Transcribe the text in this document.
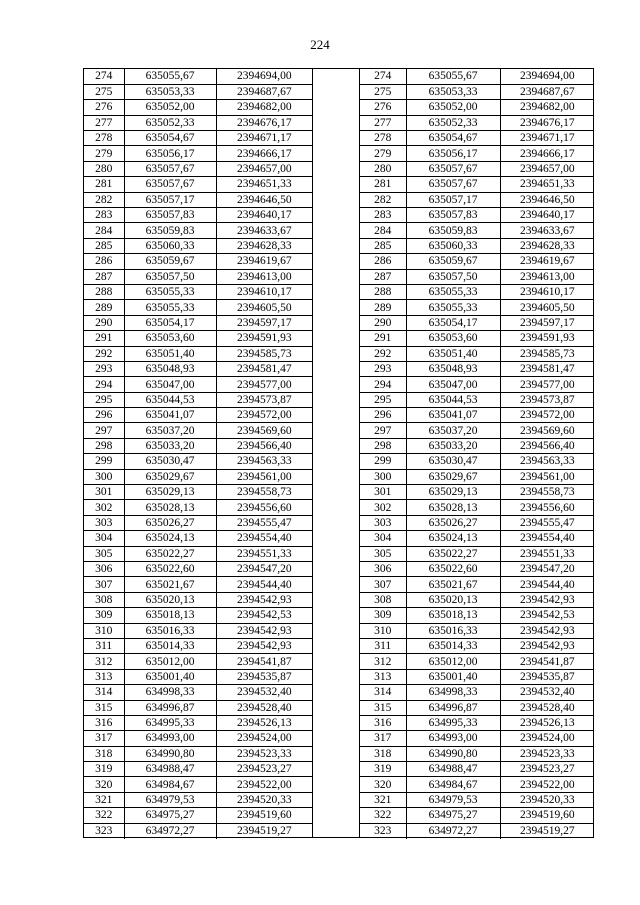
224
274	635055,67	2394694,00
275	635053,33	2394687,67
276	635052,00	2394682,00
277	635052,33	2394676,17
278	635054,67	2394671,17
279	635056,17	2394666,17
280	635057,67	2394657,00
281	635057,67	2394651,33
282	635057,17	2394646,50
283	635057,83	2394640,17
284	635059,83	2394633,67
285	635060,33	2394628,33
286	635059,67	2394619,67
287	635057,50	2394613,00
288	635055,33	2394610,17
289	635055,33	2394605,50
290	635054,17	2394597,17
291	635053,60	2394591,93
292	635051,40	2394585,73
293	635048,93	2394581,47
294	635047,00	2394577,00
295	635044,53	2394573,87
296	635041,07	2394572,00
297	635037,20	2394569,60
298	635033,20	2394566,40
299	635030,47	2394563,33
300	635029,67	2394561,00
301	635029,13	2394558,73
302	635028,13	2394556,60
303	635026,27	2394555,47
304	635024,13	2394554,40
305	635022,27	2394551,33
306	635022,60	2394547,20
307	635021,67	2394544,40
308	635020,13	2394542,93
309	635018,13	2394542,53
310	635016,33	2394542,93
311	635014,33	2394542,93
312	635012,00	2394541,87
313	635001,40	2394535,87
314	634998,33	2394532,40
315	634996,87	2394528,40
316	634995,33	2394526,13
317	634993,00	2394524,00
318	634990,80	2394523,33
319	634988,47	2394523,27
320	634984,67	2394522,00
321	634979,53	2394520,33
322	634975,27	2394519,60
323	634972,27	2394519,27
274	635055,67	2394694,00
275	635053,33	2394687,67
276	635052,00	2394682,00
277	635052,33	2394676,17
278	635054,67	2394671,17
279	635056,17	2394666,17
280	635057,67	2394657,00
281	635057,67	2394651,33
282	635057,17	2394646,50
283	635057,83	2394640,17
284	635059,83	2394633,67
285	635060,33	2394628,33
286	635059,67	2394619,67
287	635057,50	2394613,00
288	635055,33	2394610,17
289	635055,33	2394605,50
290	635054,17	2394597,17
291	635053,60	2394591,93
292	635051,40	2394585,73
293	635048,93	2394581,47
294	635047,00	2394577,00
295	635044,53	2394573,87
296	635041,07	2394572,00
297	635037,20	2394569,60
298	635033,20	2394566,40
299	635030,47	2394563,33
300	635029,67	2394561,00
301	635029,13	2394558,73
302	635028,13	2394556,60
303	635026,27	2394555,47
304	635024,13	2394554,40
305	635022,27	2394551,33
306	635022,60	2394547,20
307	635021,67	2394544,40
308	635020,13	2394542,93
309	635018,13	2394542,53
310	635016,33	2394542,93
311	635014,33	2394542,93
312	635012,00	2394541,87
313	635001,40	2394535,87
314	634998,33	2394532,40
315	634996,87	2394528,40
316	634995,33	2394526,13
317	634993,00	2394524,00
318	634990,80	2394523,33
319	634988,47	2394523,27
320	634984,67	2394522,00
321	634979,53	2394520,33
322	634975,27	2394519,60
323	634972,27	2394519,27
